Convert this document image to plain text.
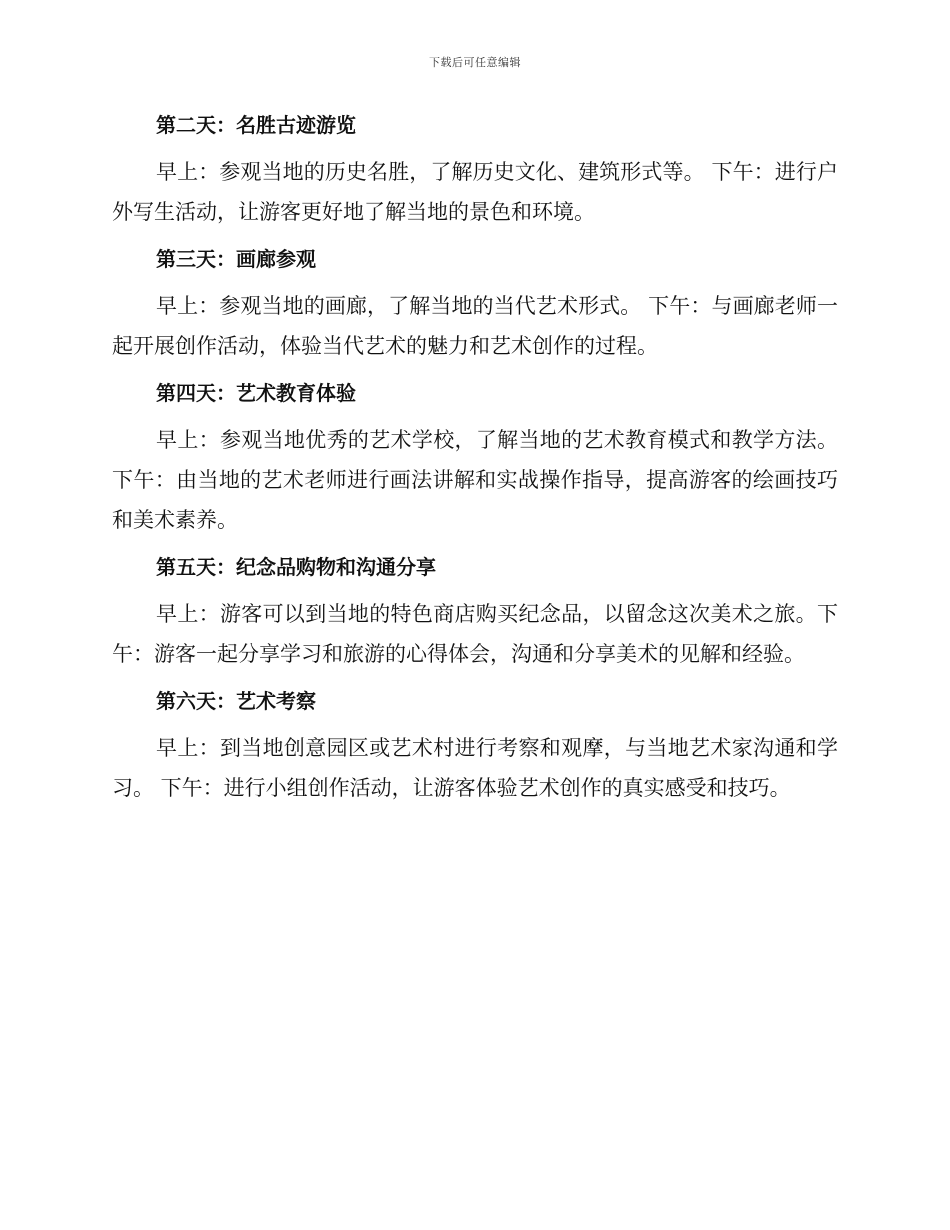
下载后可任意编辑
第二天：名胜古迹游览

早上：参观当地的历史名胜，了解历史文化、建筑形式等。 下午：进行户外写生活动，让游客更好地了解当地的景色和环境。

第三天：画廊参观

早上：参观当地的画廊，了解当地的当代艺术形式。 下午：与画廊老师一起开展创作活动，体验当代艺术的魅力和艺术创作的过程。

第四天：艺术教育体验

早上：参观当地优秀的艺术学校，了解当地的艺术教育模式和教学方法。 下午：由当地的艺术老师进行画法讲解和实战操作指导，提高游客的绘画技巧和美术素养。

第五天：纪念品购物和沟通分享

早上：游客可以到当地的特色商店购买纪念品，以留念这次美术之旅。下午：游客一起分享学习和旅游的心得体会，沟通和分享美术的见解和经验。

第六天：艺术考察

早上：到当地创意园区或艺术村进行考察和观摩，与当地艺术家沟通和学习。 下午：进行小组创作活动，让游客体验艺术创作的真实感受和技巧。
